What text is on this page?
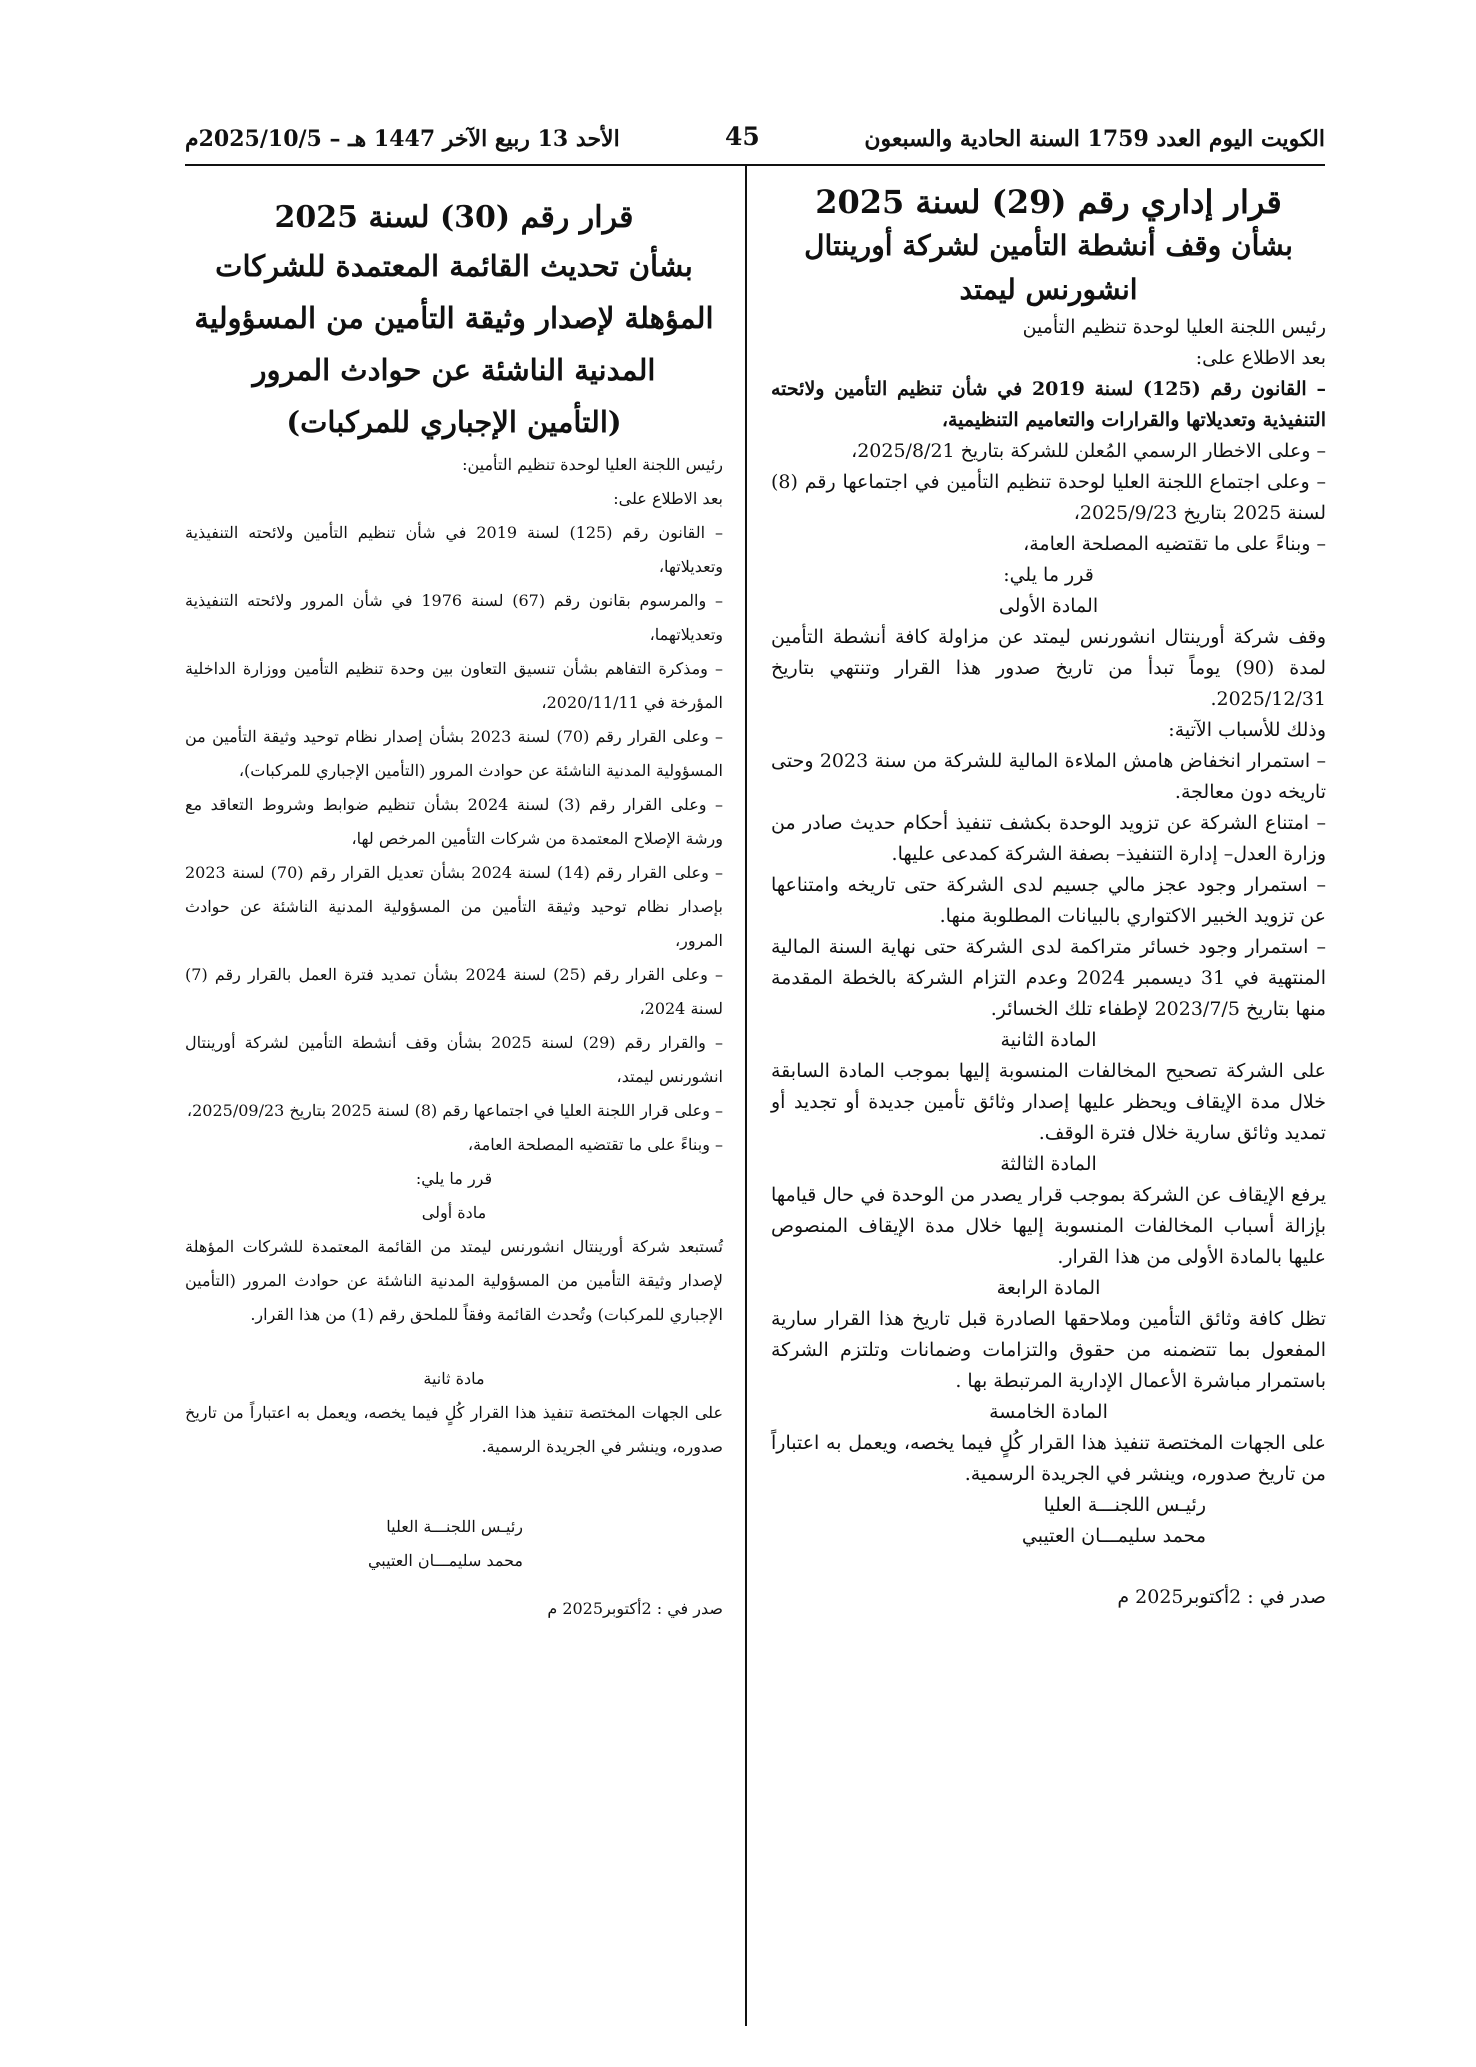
الكويت اليوم العدد 1759 السنة الحادية والسبعون
45
الأحد 13 ربيع الآخر 1447 هـ – 2025/10/5م
قرار إداري رقم (29) لسنة 2025
بشأن وقف أنشطة التأمين لشركة أورينتال انشورنس ليمتد

رئيس اللجنة العليا لوحدة تنظيم التأمين

بعد الاطلاع على:

– القانون رقم (125) لسنة 2019 في شأن تنظيم التأمين ولائحته التنفيذية وتعديلاتها والقرارات والتعاميم التنظيمية،

– وعلى الاخطار الرسمي المُعلن للشركة بتاريخ 2025/8/21،

– وعلى اجتماع اللجنة العليا لوحدة تنظيم التأمين في اجتماعها رقم (8) لسنة 2025 بتاريخ 2025/9/23،

– وبناءً على ما تقتضيه المصلحة العامة،

قرر ما يلي:

المادة الأولى

وقف شركة أورينتال انشورنس ليمتد عن مزاولة كافة أنشطة التأمين لمدة (90) يوماً تبدأ من تاريخ صدور هذا القرار وتنتهي بتاريخ 2025/12/31.

وذلك للأسباب الآتية:

– استمرار انخفاض هامش الملاءة المالية للشركة من سنة 2023 وحتى تاريخه دون معالجة.

– امتناع الشركة عن تزويد الوحدة بكشف تنفيذ أحكام حديث صادر من وزارة العدل– إدارة التنفيذ– بصفة الشركة كمدعى عليها.

– استمرار وجود عجز مالي جسيم لدى الشركة حتى تاريخه وامتناعها عن تزويد الخبير الاكتواري بالبيانات المطلوبة منها.

– استمرار وجود خسائر متراكمة لدى الشركة حتى نهاية السنة المالية المنتهية في 31 ديسمبر 2024 وعدم التزام الشركة بالخطة المقدمة منها بتاريخ 2023/7/5 لإطفاء تلك الخسائر.

المادة الثانية

على الشركة تصحيح المخالفات المنسوبة إليها بموجب المادة السابقة خلال مدة الإيقاف ويحظر عليها إصدار وثائق تأمين جديدة أو تجديد أو تمديد وثائق سارية خلال فترة الوقف.

المادة الثالثة

يرفع الإيقاف عن الشركة بموجب قرار يصدر من الوحدة في حال قيامها بإزالة أسباب المخالفات المنسوبة إليها خلال مدة الإيقاف المنصوص عليها بالمادة الأولى من هذا القرار.

المادة الرابعة

تظل كافة وثائق التأمين وملاحقها الصادرة قبل تاريخ هذا القرار سارية المفعول بما تتضمنه من حقوق والتزامات وضمانات وتلتزم الشركة باستمرار مباشرة الأعمال الإدارية المرتبطة بها .

المادة الخامسة

على الجهات المختصة تنفيذ هذا القرار كُلٍ فيما يخصه، ويعمل به اعتباراً من تاريخ صدوره، وينشر في الجريدة الرسمية.

رئيـس اللجنـــة العليا

محمد سليمـــان العتيبي

صدر في : 2أكتوبر2025 م

قرار رقم (30) لسنة 2025
بشأن تحديث القائمة المعتمدة للشركات المؤهلة لإصدار وثيقة التأمين من المسؤولية المدنية الناشئة عن حوادث المرور
(التأمين الإجباري للمركبات)

رئيس اللجنة العليا لوحدة تنظيم التأمين:

بعد الاطلاع على:

– القانون رقم (125) لسنة 2019 في شأن تنظيم التأمين ولائحته التنفيذية وتعديلاتها،

– والمرسوم بقانون رقم (67) لسنة 1976 في شأن المرور ولائحته التنفيذية وتعديلاتهما،

– ومذكرة التفاهم بشأن تنسيق التعاون بين وحدة تنظيم التأمين ووزارة الداخلية المؤرخة في 2020/11/11،

– وعلى القرار رقم (70) لسنة 2023 بشأن إصدار نظام توحيد وثيقة التأمين من المسؤولية المدنية الناشئة عن حوادث المرور (التأمين الإجباري للمركبات)،

– وعلى القرار رقم (3) لسنة 2024 بشأن تنظيم ضوابط وشروط التعاقد مع ورشة الإصلاح المعتمدة من شركات التأمين المرخص لها،

– وعلى القرار رقم (14) لسنة 2024 بشأن تعديل القرار رقم (70) لسنة 2023 بإصدار نظام توحيد وثيقة التأمين من المسؤولية المدنية الناشئة عن حوادث المرور،

– وعلى القرار رقم (25) لسنة 2024 بشأن تمديد فترة العمل بالقرار رقم (7) لسنة 2024،

– والقرار رقم (29) لسنة 2025 بشأن وقف أنشطة التأمين لشركة أورينتال انشورنس ليمتد،

– وعلى قرار اللجنة العليا في اجتماعها رقم (8) لسنة 2025 بتاريخ 2025/09/23،

– وبناءً على ما تقتضيه المصلحة العامة،

قرر ما يلي:

مادة أولى

تُستبعد شركة أورينتال انشورنس ليمتد من القائمة المعتمدة للشركات المؤهلة لإصدار وثيقة التأمين من المسؤولية المدنية الناشئة عن حوادث المرور (التأمين الإجباري للمركبات) وتُحدث القائمة وفقاً للملحق رقم (1) من هذا القرار.

مادة ثانية

على الجهات المختصة تنفيذ هذا القرار كُلٍ فيما يخصه، ويعمل به اعتباراً من تاريخ صدوره، وينشر في الجريدة الرسمية.

رئيـس اللجنـــة العليا

محمد سليمـــان العتيبي

صدر في : 2أكتوبر2025 م
